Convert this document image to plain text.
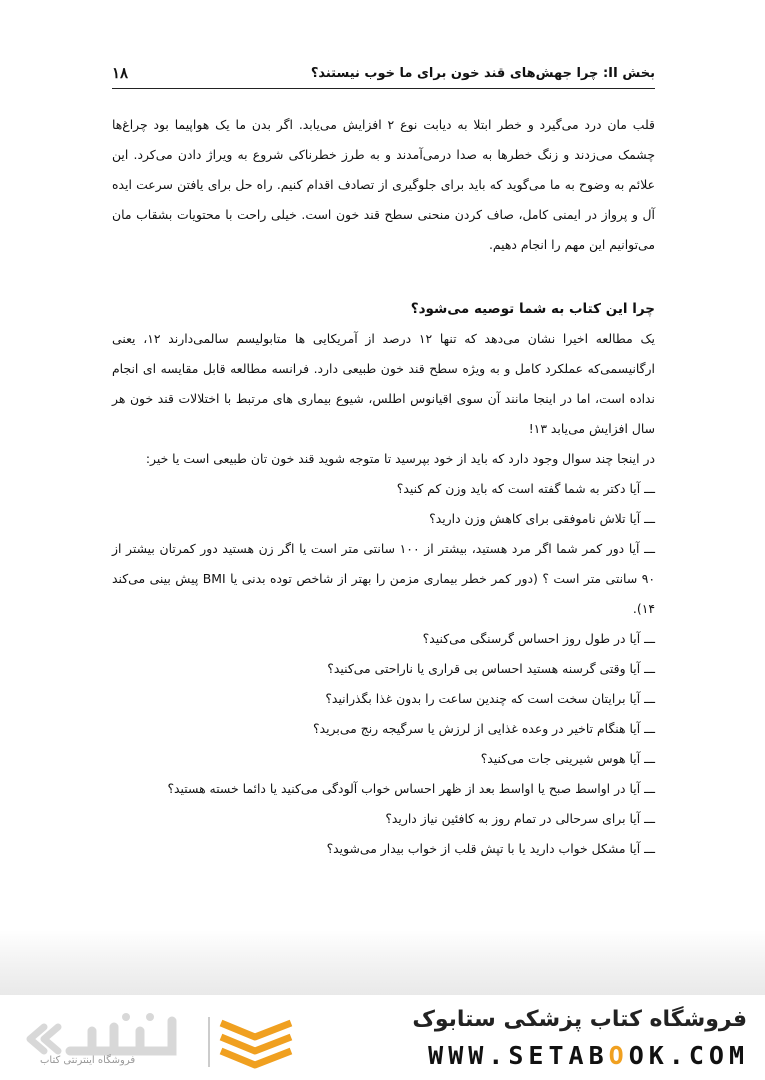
بخش II: چرا جهش‌های قند خون برای ما خوب نیستند؟
۱۸

قلب مان درد می‌گیرد و خطر ابتلا به دیابت نوع ۲ افزایش می‌یابد. اگر بدن ما یک هواپیما بود چراغ‌ها چشمک می‌زدند و زنگ خطرها به صدا درمی‌آمدند و به طرز خطرناکی شروع به ویراژ دادن می‌کرد. این علائم به وضوح به ما می‌گوید که باید برای جلوگیری از تصادف اقدام کنیم. راه حل برای یافتن سرعت ایده آل و پرواز در ایمنی کامل، صاف کردن منحنی سطح قند خون است. خیلی راحت با محتویات بشقاب مان می‌توانیم این مهم را انجام دهیم.

چرا این کتاب به شما توصیه می‌شود؟

یک مطالعه اخیرا نشان می‌دهد که تنها ۱۲ درصد از آمریکایی ها متابولیسم سالمی‌دارند ۱۲، یعنی ارگانیسمی‌که عملکرد کامل و به ویژه سطح قند خون طبیعی دارد. فرانسه مطالعه قابل مقایسه ای انجام نداده است، اما در اینجا مانند آن سوی اقیانوس اطلس، شیوع بیماری های مرتبط با اختلالات قند خون هر سال افزایش می‌یابد ۱۳!

در اینجا چند سوال وجود دارد که باید از خود بپرسید تا متوجه شوید قند خون تان طبیعی است یا خیر:

ـــ آیا دکتر به شما گفته است که باید وزن کم کنید؟

ـــ آیا تلاش ناموفقی برای کاهش وزن دارید؟

ـــ آیا دور کمر شما اگر مرد هستید، بیشتر از ۱۰۰ سانتی متر است یا اگر زن هستید دور کمرتان بیشتر از ۹۰ سانتی متر است ؟ (دور کمر خطر بیماری مزمن را بهتر از شاخص توده بدنی یا BMI پیش بینی می‌کند ۱۴).

ـــ آیا در طول روز احساس گرسنگی می‌کنید؟

ـــ آیا وقتی گرسنه هستید احساس بی قراری یا ناراحتی می‌کنید؟

ـــ آیا برایتان سخت است که چندین ساعت را بدون غذا بگذرانید؟

ـــ آیا هنگام تاخیر در وعده غذایی از لرزش یا سرگیجه رنج می‌برید؟

ـــ آیا هوس شیرینی جات می‌کنید؟

ـــ آیا در اواسط صبح یا اواسط بعد از ظهر احساس خواب آلودگی می‌کنید یا دائما خسته هستید؟

ـــ آیا برای سرحالی در تمام روز به کافئین نیاز دارید؟

ـــ آیا مشکل خواب دارید یا با تپش قلب از خواب بیدار می‌شوید؟

فروشگاه اینترنتی کتاب
فروشگاه کتاب پزشکی ستابوک
WWW.SETABOOK.COM
